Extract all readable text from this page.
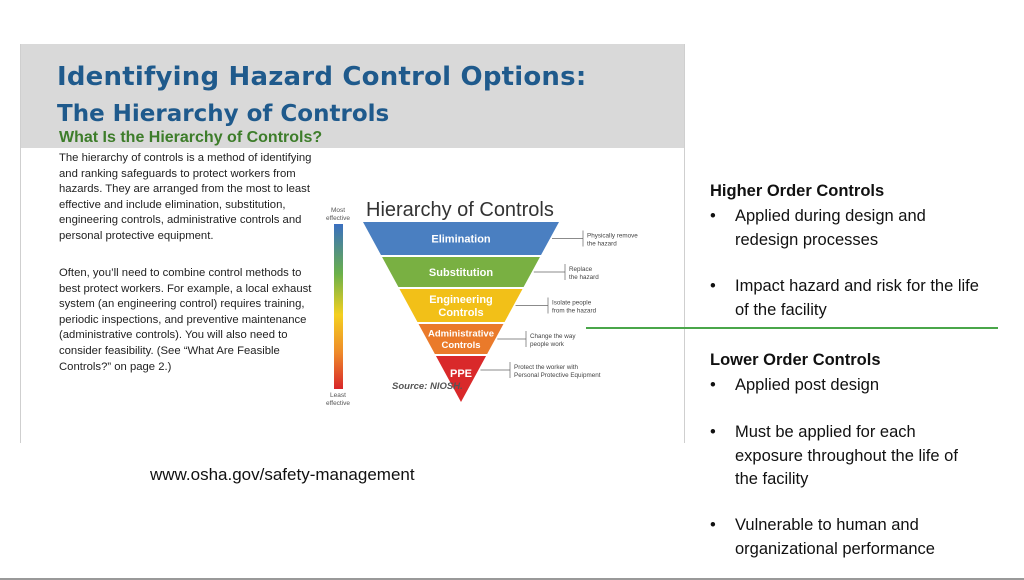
Identifying Hazard Control Options:
The Hierarchy of Controls
What Is the Hierarchy of Controls?

The hierarchy of controls is a method of identifying and ranking safeguards to protect workers from hazards. They are arranged from the most to least effective and include elimination, substitution, engineering controls, administrative controls and personal protective equipment.

Often, you’ll need to combine control methods to best protect workers. For example, a local exhaust system (an engineering control) requires training, periodic inspections, and preventive maintenance (administrative controls). You will also need to consider feasibility. (See “What Are Feasible Controls?” on page 2.)

Most
effective
Least
effective
Hierarchy of Controls
Elimination	Physically remove
the hazard
Substitution	Replace
the hazard
Engineering
Controls
Isolate people
from the hazard
Administrative
Controls
Change the way
people work
PPE
Protect the worker with
Personal Protective Equipment
Source: NIOSH.
www.osha.gov/safety-management
Higher Order Controls
• Applied during design and redesign processes
• Impact hazard and risk for the life of the facility
Lower Order Controls
• Applied post design
• Must be applied for each exposure throughout the life of the facility
• Vulnerable to human and organizational performance
